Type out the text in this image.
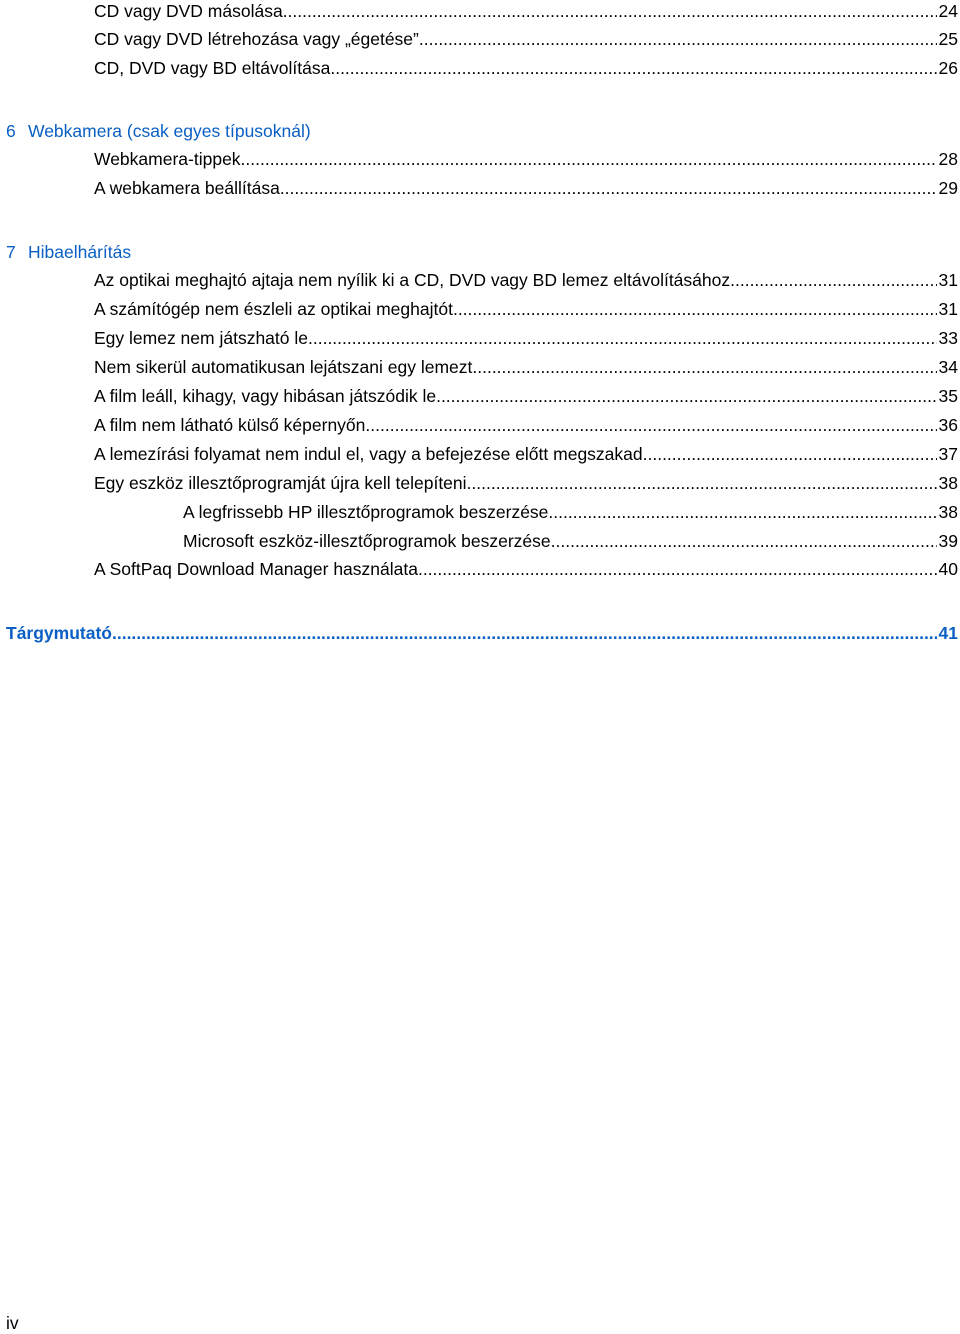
CD vagy DVD másolása .....	24
CD vagy DVD létrehozása vagy „égetése” .....	25
CD, DVD vagy BD eltávolítása .....	26
6 Webkamera (csak egyes típusoknál)
Webkamera-tippek .....	28
A webkamera beállítása .....	29
7 Hibaelhárítás
Az optikai meghajtó ajtaja nem nyílik ki a CD, DVD vagy BD lemez eltávolításához .....	31
A számítógép nem észleli az optikai meghajtót .....	31
Egy lemez nem játszható le .....	33
Nem sikerül automatikusan lejátszani egy lemezt .....	34
A film leáll, kihagy, vagy hibásan játszódik le .....	35
A film nem látható külső képernyőn .....	36
A lemezírási folyamat nem indul el, vagy a befejezése előtt megszakad .....	37
Egy eszköz illesztőprogramját újra kell telepíteni .....	38
A legfrissebb HP illesztőprogramok beszerzése .....	38
Microsoft eszköz-illesztőprogramok beszerzése .....	39
A SoftPaq Download Manager használata .....	40
Tárgymutató .....	41
iv
